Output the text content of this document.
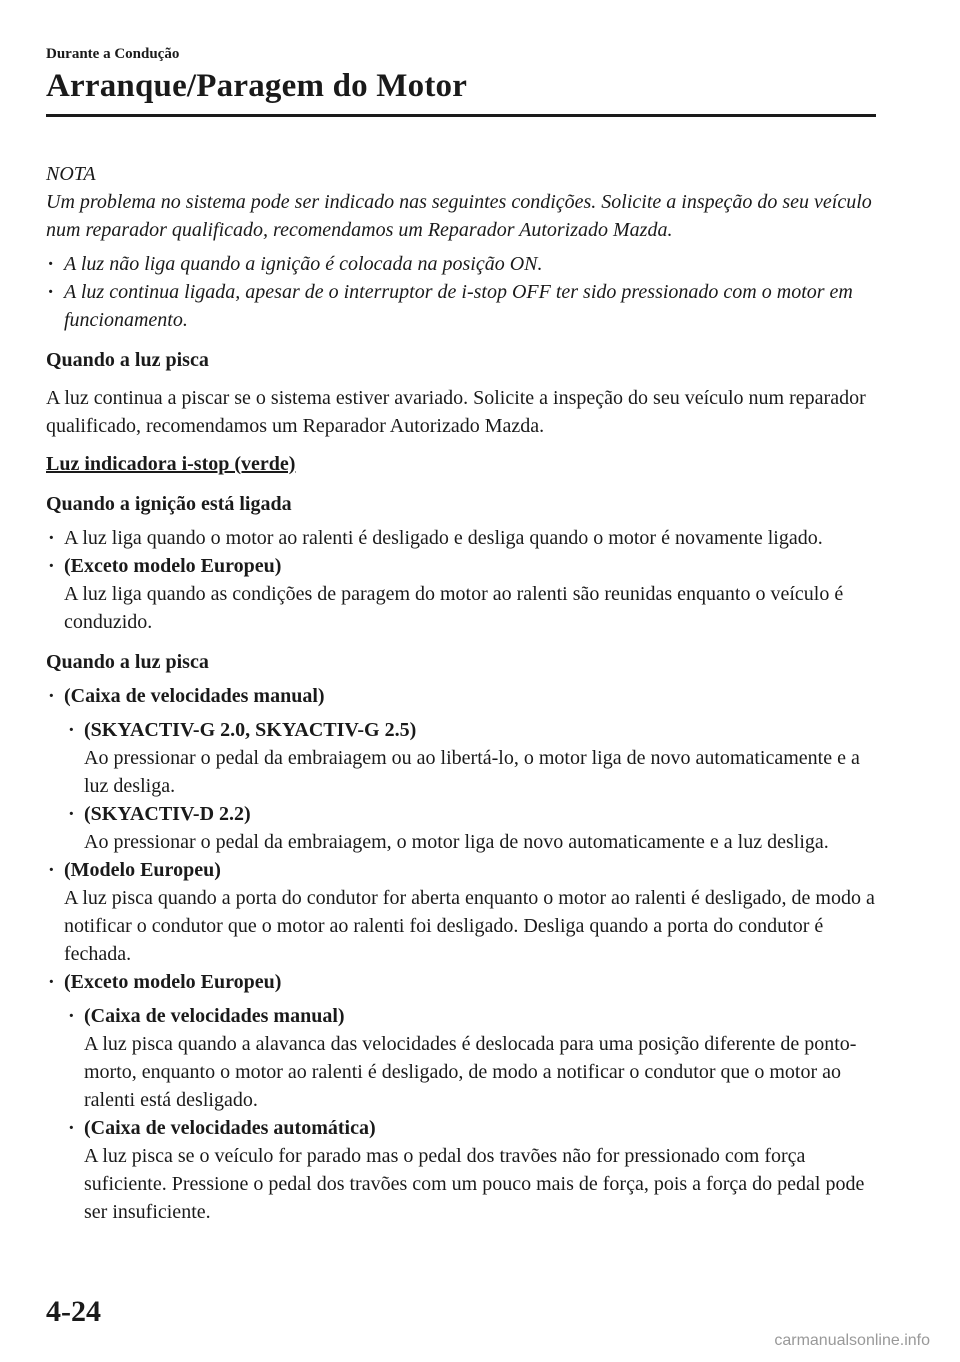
Durante a Condução
Arranque/Paragem do Motor

NOTA

Um problema no sistema pode ser indicado nas seguintes condições. Solicite a inspeção do seu veículo num reparador qualificado, recomendamos um Reparador Autorizado Mazda.

· A luz não liga quando a ignição é colocada na posição ON.
· A luz continua ligada, apesar de o interruptor de i-stop OFF ter sido pressionado com o motor em funcionamento.
Quando a luz pisca

A luz continua a piscar se o sistema estiver avariado. Solicite a inspeção do seu veículo num reparador qualificado, recomendamos um Reparador Autorizado Mazda.

Luz indicadora i-stop (verde)

Quando a ignição está ligada
· A luz liga quando o motor ao ralenti é desligado e desliga quando o motor é novamente ligado.
· (Exceto modelo Europeu)
A luz liga quando as condições de paragem do motor ao ralenti são reunidas enquanto o veículo é conduzido.
Quando a luz pisca
· (Caixa de velocidades manual)
· (SKYACTIV-G 2.0, SKYACTIV-G 2.5)
Ao pressionar o pedal da embraiagem ou ao libertá-lo, o motor liga de novo automaticamente e a luz desliga.
· (SKYACTIV-D 2.2)
Ao pressionar o pedal da embraiagem, o motor liga de novo automaticamente e a luz desliga.
· (Modelo Europeu)
A luz pisca quando a porta do condutor for aberta enquanto o motor ao ralenti é desligado, de modo a notificar o condutor que o motor ao ralenti foi desligado. Desliga quando a porta do condutor é fechada.
· (Exceto modelo Europeu)
· (Caixa de velocidades manual)
A luz pisca quando a alavanca das velocidades é deslocada para uma posição diferente de ponto-morto, enquanto o motor ao ralenti é desligado, de modo a notificar o condutor que o motor ao ralenti está desligado.
· (Caixa de velocidades automática)
A luz pisca se o veículo for parado mas o pedal dos travões não for pressionado com força suficiente. Pressione o pedal dos travões com um pouco mais de força, pois a força do pedal pode ser insuficiente.
4-24
carmanualsonline.info
